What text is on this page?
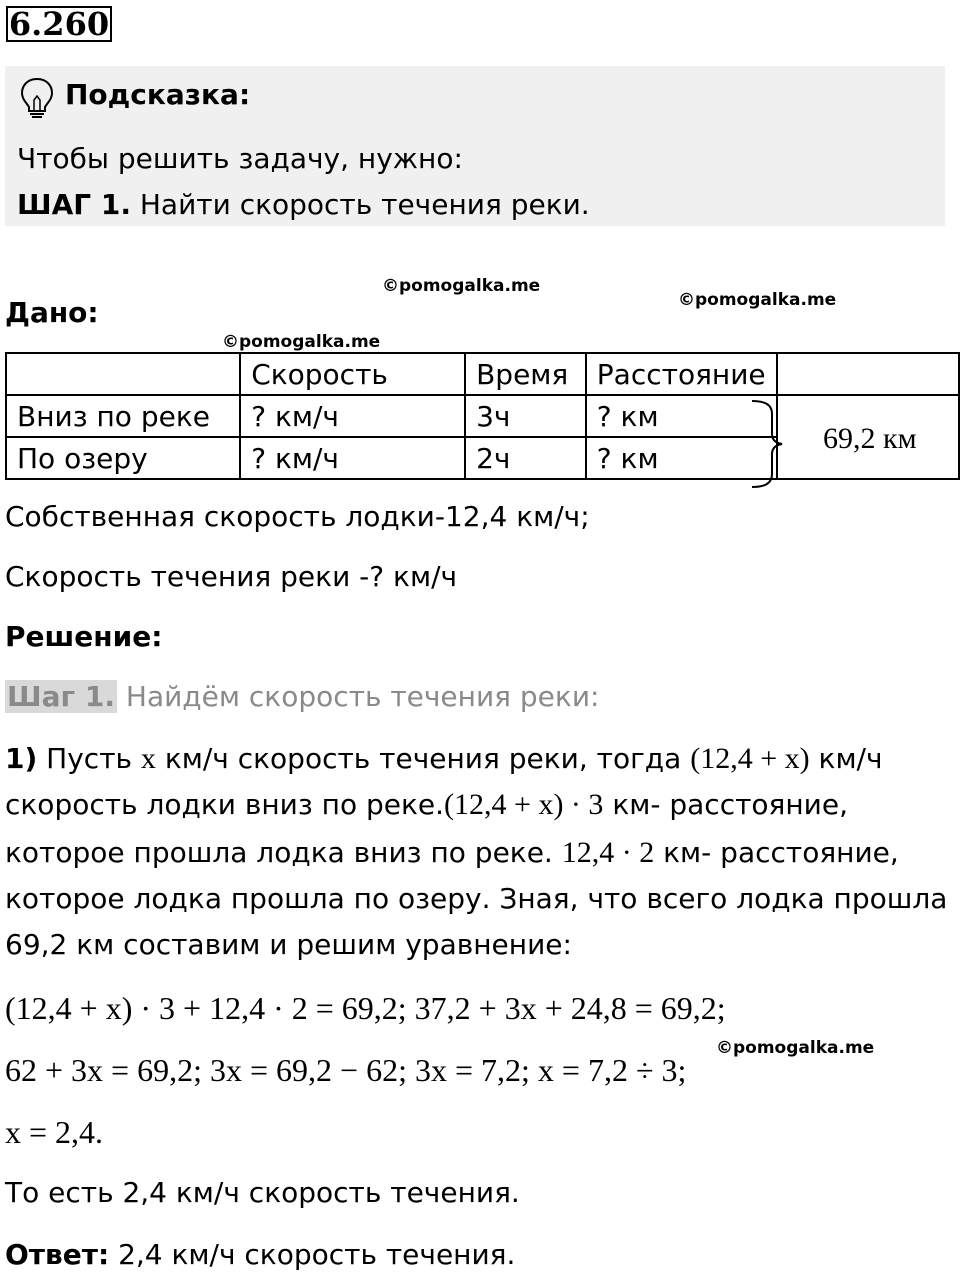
6.260
Подсказка:
Чтобы решить задачу, нужно:
ШАГ 1. Найти скорость течения реки.
©pomogalka.me
©pomogalka.me
©pomogalka.me
©pomogalka.me
Дано:
	Скорость	Время	Расстояние	
Вниз по реке	? км/ч	3ч	? км	
По озеру	? км/ч	2ч	? км	
69,2 км
Собственная скорость лодки-12,4 км/ч;
Скорость течения реки -? км/ч
Решение:
Шаг 1. Найдём скорость течения реки:
1) Пусть x км/ч скорость течения реки, тогда (12,4 + x) км/ч
скорость лодки вниз по реке.(12,4 + x) · 3 км- расстояние,
которое прошла лодка вниз по реке. 12,4 · 2 км- расстояние,
которое лодка прошла по озеру. Зная, что всего лодка прошла
69,2 км составим и решим уравнение:
(12,4 + x) · 3 + 12,4 · 2 = 69,2; 37,2 + 3x + 24,8 = 69,2;
62 + 3x = 69,2; 3x = 69,2 − 62; 3x = 7,2; x = 7,2 ÷ 3;
x = 2,4.
То есть 2,4 км/ч скорость течения.
Ответ: 2,4 км/ч скорость течения.
